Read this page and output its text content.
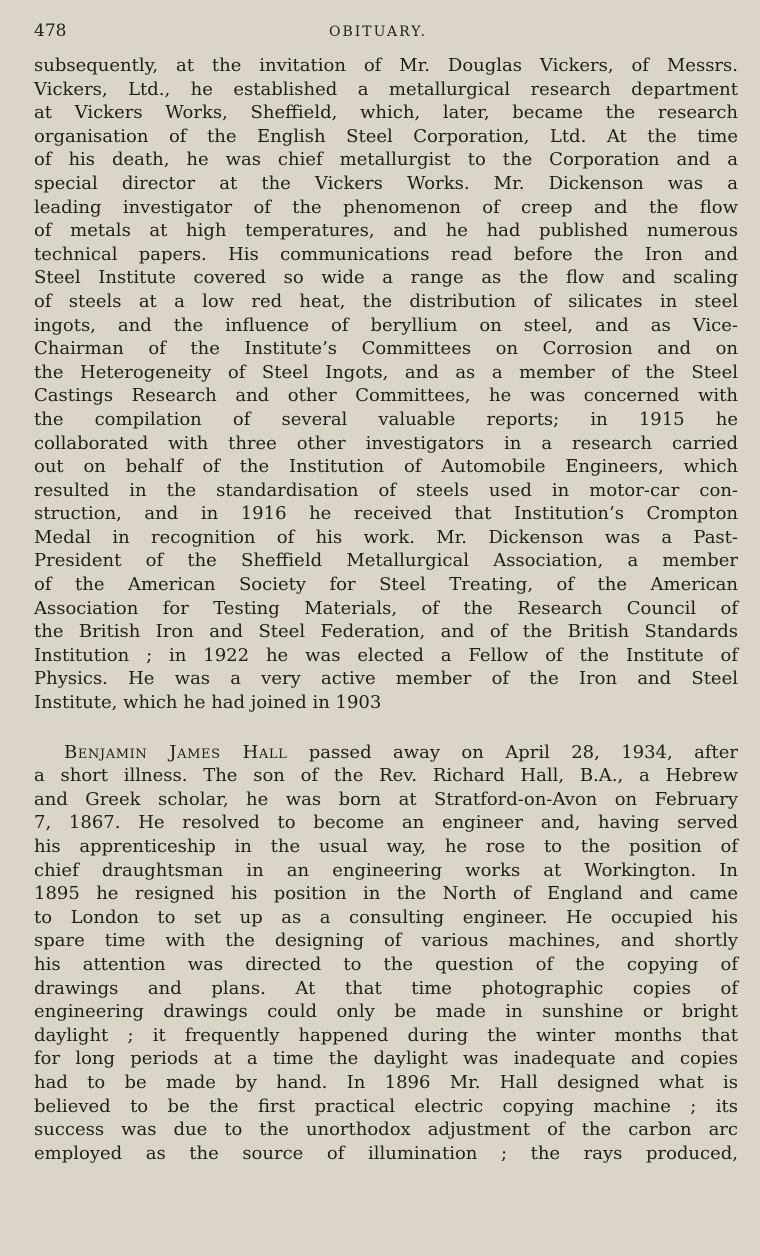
478	OBITUARY.
subsequently, at the invitation of Mr. Douglas Vickers, of Messrs.
Vickers, Ltd., he established a metallurgical research department
at Vickers Works, Sheffield, which, later, became the research
organisation of the English Steel Corporation, Ltd. At the time
of his death, he was chief metallurgist to the Corporation and a
special director at the Vickers Works. Mr. Dickenson was a
leading investigator of the phenomenon of creep and the flow
of metals at high temperatures, and he had published numerous
technical papers. His communications read before the Iron and
Steel Institute covered so wide a range as the flow and scaling
of steels at a low red heat, the distribution of silicates in steel
ingots, and the influence of beryllium on steel, and as Vice-
Chairman of the Institute’s Committees on Corrosion and on
the Heterogeneity of Steel Ingots, and as a member of the Steel
Castings Research and other Committees, he was concerned with
the compilation of several valuable reports; in 1915 he
collaborated with three other investigators in a research carried
out on behalf of the Institution of Automobile Engineers, which
resulted in the standardisation of steels used in motor-car con-
struction, and in 1916 he received that Institution’s Crompton
Medal in recognition of his work. Mr. Dickenson was a Past-
President of the Sheffield Metallurgical Association, a member
of the American Society for Steel Treating, of the American
Association for Testing Materials, of the Research Council of
the British Iron and Steel Federation, and of the British Standards
Institution ; in 1922 he was elected a Fellow of the Institute of
Physics. He was a very active member of the Iron and Steel
Institute, which he had joined in 1903
Benjamin James Hall passed away on April 28, 1934, after
a short illness. The son of the Rev. Richard Hall, B.A., a Hebrew
and Greek scholar, he was born at Stratford-on-Avon on February
7, 1867. He resolved to become an engineer and, having served
his apprenticeship in the usual way, he rose to the position of
chief draughtsman in an engineering works at Workington. In
1895 he resigned his position in the North of England and came
to London to set up as a consulting engineer. He occupied his
spare time with the designing of various machines, and shortly
his attention was directed to the question of the copying of
drawings and plans. At that time photographic copies of
engineering drawings could only be made in sunshine or bright
daylight ; it frequently happened during the winter months that
for long periods at a time the daylight was inadequate and copies
had to be made by hand. In 1896 Mr. Hall designed what is
believed to be the first practical electric copying machine ; its
success was due to the unorthodox adjustment of the carbon arc
employed as the source of illumination ; the rays produced,
